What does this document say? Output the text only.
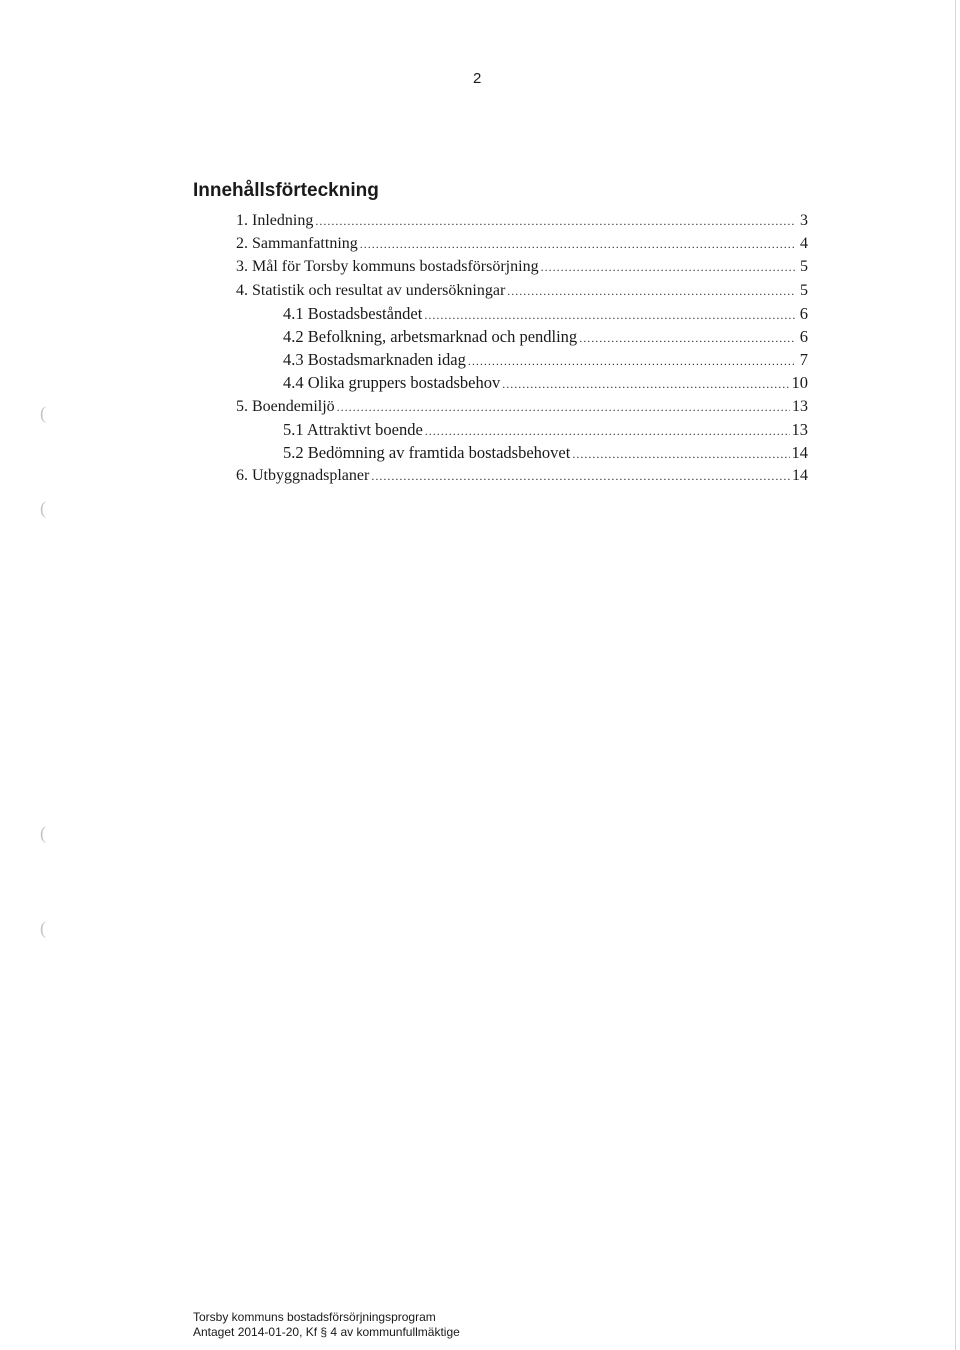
2
Innehållsförteckning
1. Inledning .....	3
2. Sammanfattning .....	4
3. Mål för Torsby kommuns bostadsförsörjning .....	5
4. Statistik och resultat av undersökningar .....	5
4.1 Bostadsbeståndet .....	6
4.2 Befolkning, arbetsmarknad och pendling .....	6
4.3 Bostadsmarknaden idag .....	7
4.4 Olika gruppers bostadsbehov .....	10
5. Boendemiljö .....	13
5.1 Attraktivt boende .....	13
5.2 Bedömning av framtida bostadsbehovet .....	14
6. Utbyggnadsplaner .....	14
(
(
(
(
Torsby kommuns bostadsförsörjningsprogram
Antaget 2014-01-20, Kf § 4 av kommunfullmäktige
